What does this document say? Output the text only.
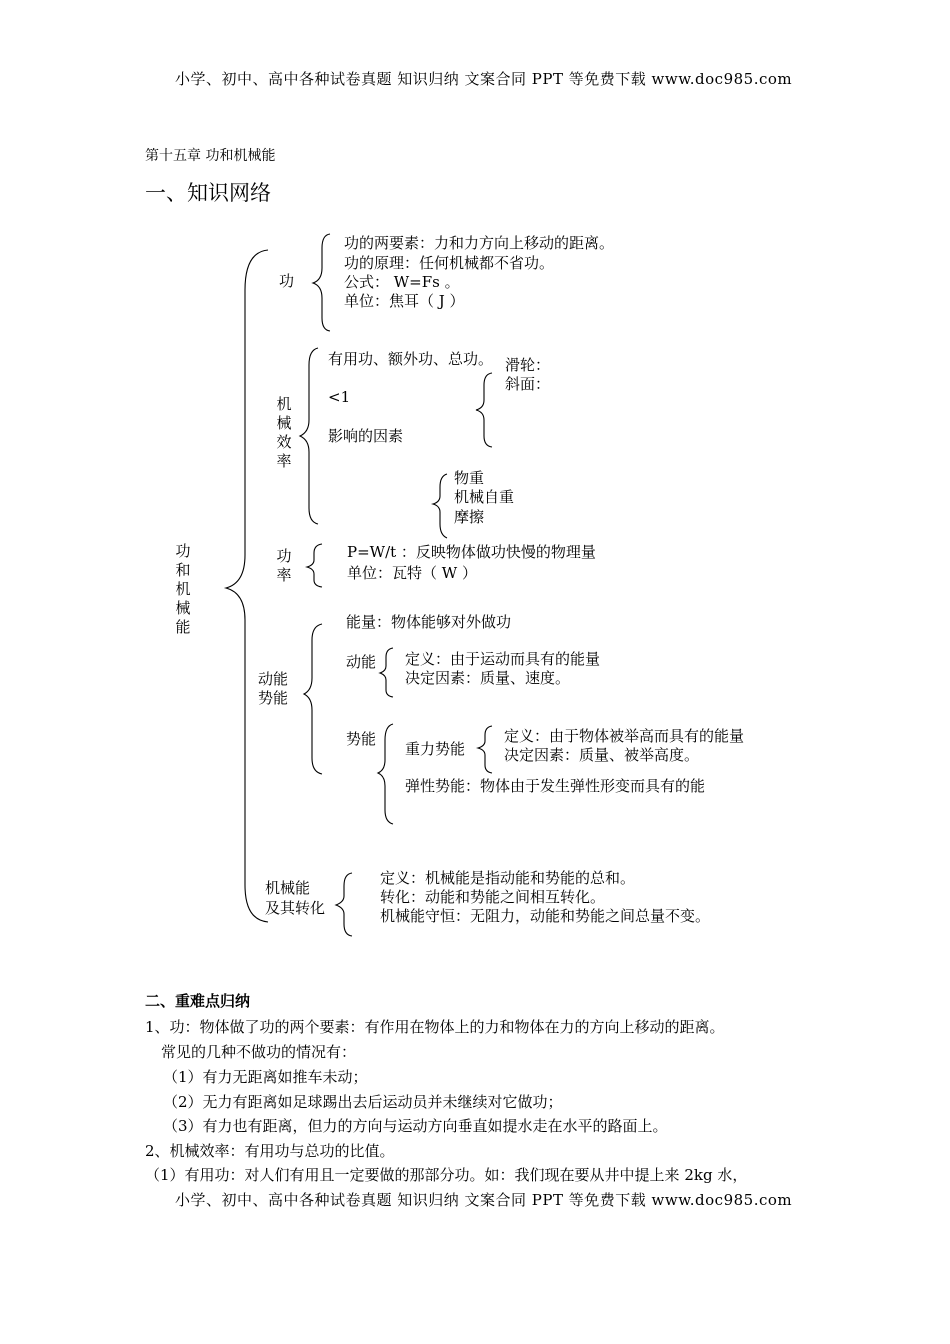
小学、初中、高中各种试卷真题 知识归纳 文案合同 PPT 等免费下载 www.doc985.com
小学、初中、高中各种试卷真题 知识归纳 文案合同 PPT 等免费下载 www.doc985.com
第十五章 功和机械能
一、知识网络
功和机械能
功
功的两要素：力和力方向上移动的距离。
功的原理：任何机械都不省功。
公式： W=Fs 。
单位：焦耳（ J ）
机械效率
有用功、额外功、总功。
<1
影响的因素
滑轮：
斜面：
物重
机械自重
摩擦
功率
P=W/t ：反映物体做功快慢的物理量
单位：瓦特（ W ）
动能
势能
能量：物体能够对外做功
动能 定义：由于运动而具有的能量
决定因素：质量、速度。
势能
重力势能
定义：由于物体被举高而具有的能量
决定因素：质量、被举高度。
弹性势能：物体由于发生弹性形变而具有的能
机械能
及其转化
定义：机械能是指动能和势能的总和。
转化：动能和势能之间相互转化。
机械能守恒：无阻力，动能和势能之间总量不变。
二、重难点归纳
1、功：物体做了功的两个要素：有作用在物体上的力和物体在力的方向上移动的距离。
常见的几种不做功的情况有：
（1）有力无距离如推车未动；
（2）无力有距离如足球踢出去后运动员并未继续对它做功；
（3）有力也有距离，但力的方向与运动方向垂直如提水走在水平的路面上。
2、机械效率：有用功与总功的比值。
（1）有用功：对人们有用且一定要做的那部分功。如：我们现在要从井中提上来 2kg 水，
